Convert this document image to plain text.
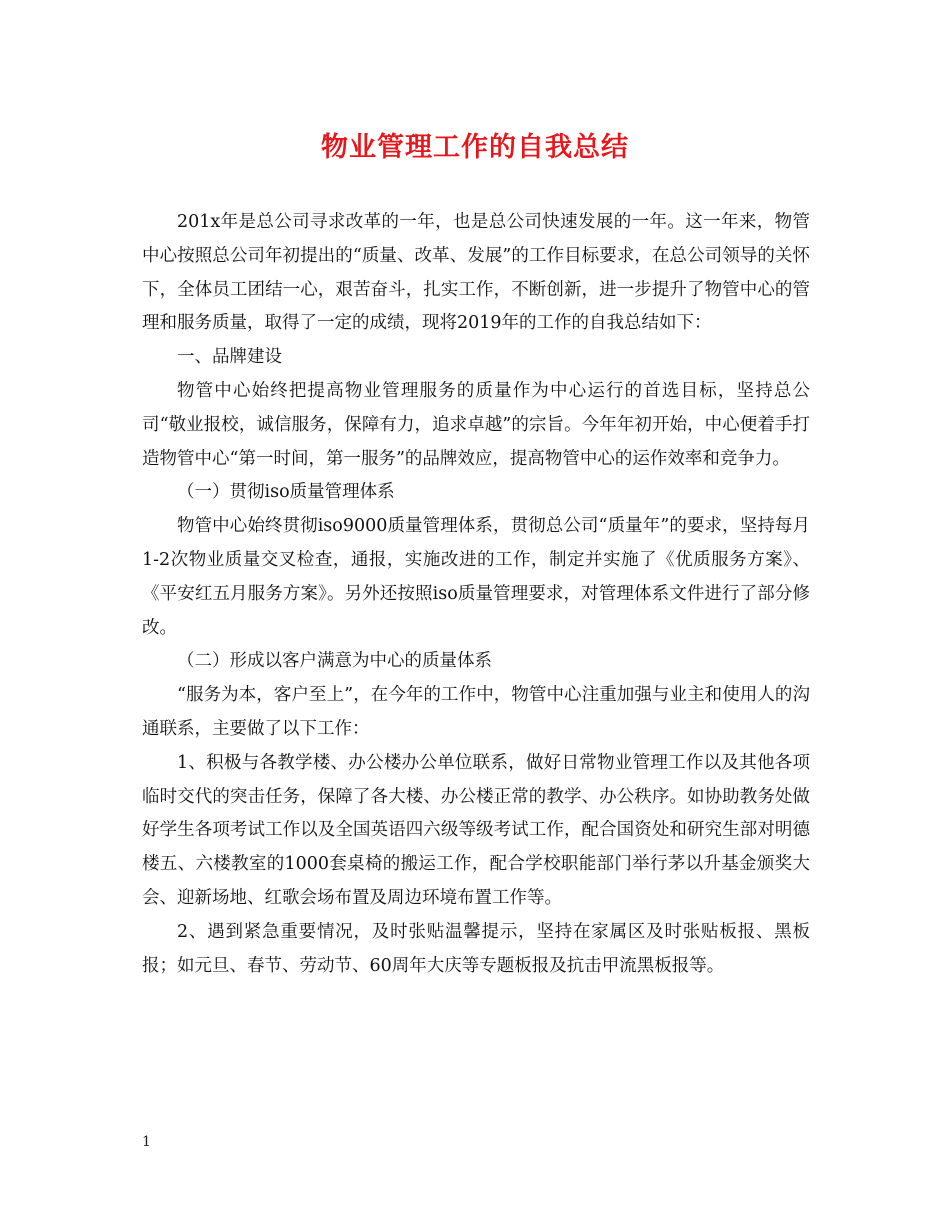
物业管理工作的自我总结

201x年是总公司寻求改革的一年，也是总公司快速发展的一年。这一年来，物管中心按照总公司年初提出的“质量、改革、发展”的工作目标要求，在总公司领导的关怀下，全体员工团结一心，艰苦奋斗，扎实工作，不断创新，进一步提升了物管中心的管理和服务质量，取得了一定的成绩，现将2019年的工作的自我总结如下：

一、品牌建设

物管中心始终把提高物业管理服务的质量作为中心运行的首选目标，坚持总公司“敬业报校，诚信服务，保障有力，追求卓越”的宗旨。今年年初开始，中心便着手打造物管中心“第一时间，第一服务”的品牌效应，提高物管中心的运作效率和竞争力。

（一）贯彻iso质量管理体系

物管中心始终贯彻iso9000质量管理体系，贯彻总公司“质量年”的要求，坚持每月1-2次物业质量交叉检查，通报，实施改进的工作，制定并实施了《优质服务方案》、《平安红五月服务方案》。另外还按照iso质量管理要求，对管理体系文件进行了部分修改。

（二）形成以客户满意为中心的质量体系

“服务为本，客户至上”，在今年的工作中，物管中心注重加强与业主和使用人的沟通联系，主要做了以下工作：

1、积极与各教学楼、办公楼办公单位联系，做好日常物业管理工作以及其他各项临时交代的突击任务，保障了各大楼、办公楼正常的教学、办公秩序。如协助教务处做好学生各项考试工作以及全国英语四六级等级考试工作，配合国资处和研究生部对明德楼五、六楼教室的1000套桌椅的搬运工作，配合学校职能部门举行茅以升基金颁奖大会、迎新场地、红歌会场布置及周边环境布置工作等。

2、遇到紧急重要情况，及时张贴温馨提示，坚持在家属区及时张贴板报、黑板报；如元旦、春节、劳动节、60周年大庆等专题板报及抗击甲流黑板报等。

1
